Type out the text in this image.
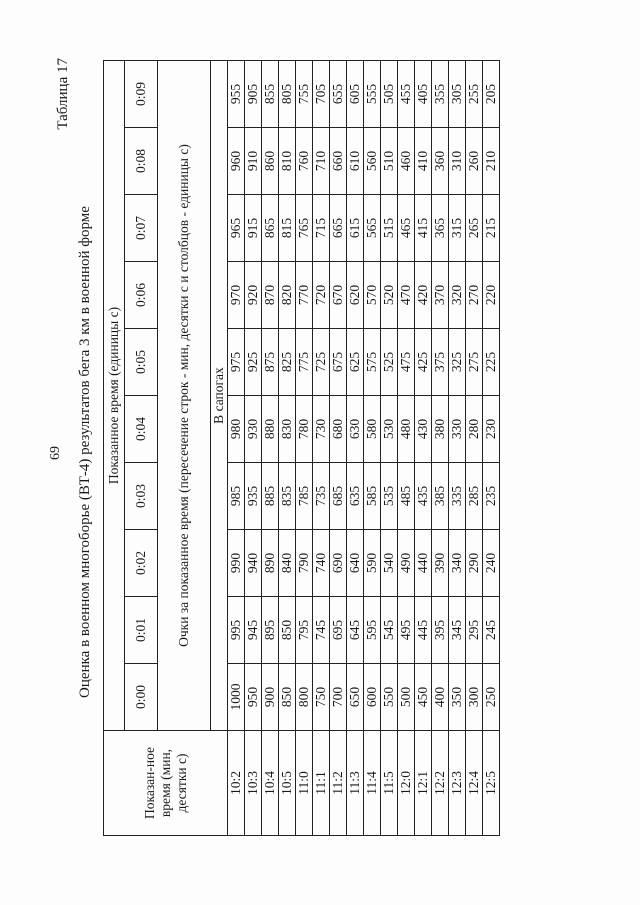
69
Таблица 17
Оценка в военном многоборье (ВТ-4) результатов бега 3 км в военной форме
Показан-ное время (мин, десятки с)	Показанное время (единицы с)									
	0:00	0:01	0:02	0:03	0:04	0:05	0:06	0:07	0:08	0:09
	Очки за показанное время (пересечение строк - мин, десятки с и столбцов - единицы с)									
	В сапогах									
10:2	1000	995	990	985	980	975	970	965	960	955
10:3	950	945	940	935	930	925	920	915	910	905
10:4	900	895	890	885	880	875	870	865	860	855
10:5	850	850	840	835	830	825	820	815	810	805
11:0	800	795	790	785	780	775	770	765	760	755
11:1	750	745	740	735	730	725	720	715	710	705
11:2	700	695	690	685	680	675	670	665	660	655
11:3	650	645	640	635	630	625	620	615	610	605
11:4	600	595	590	585	580	575	570	565	560	555
11:5	550	545	540	535	530	525	520	515	510	505
12:0	500	495	490	485	480	475	470	465	460	455
12:1	450	445	440	435	430	425	420	415	410	405
12:2	400	395	390	385	380	375	370	365	360	355
12:3	350	345	340	335	330	325	320	315	310	305
12:4	300	295	290	285	280	275	270	265	260	255
12:5	250	245	240	235	230	225	220	215	210	205
